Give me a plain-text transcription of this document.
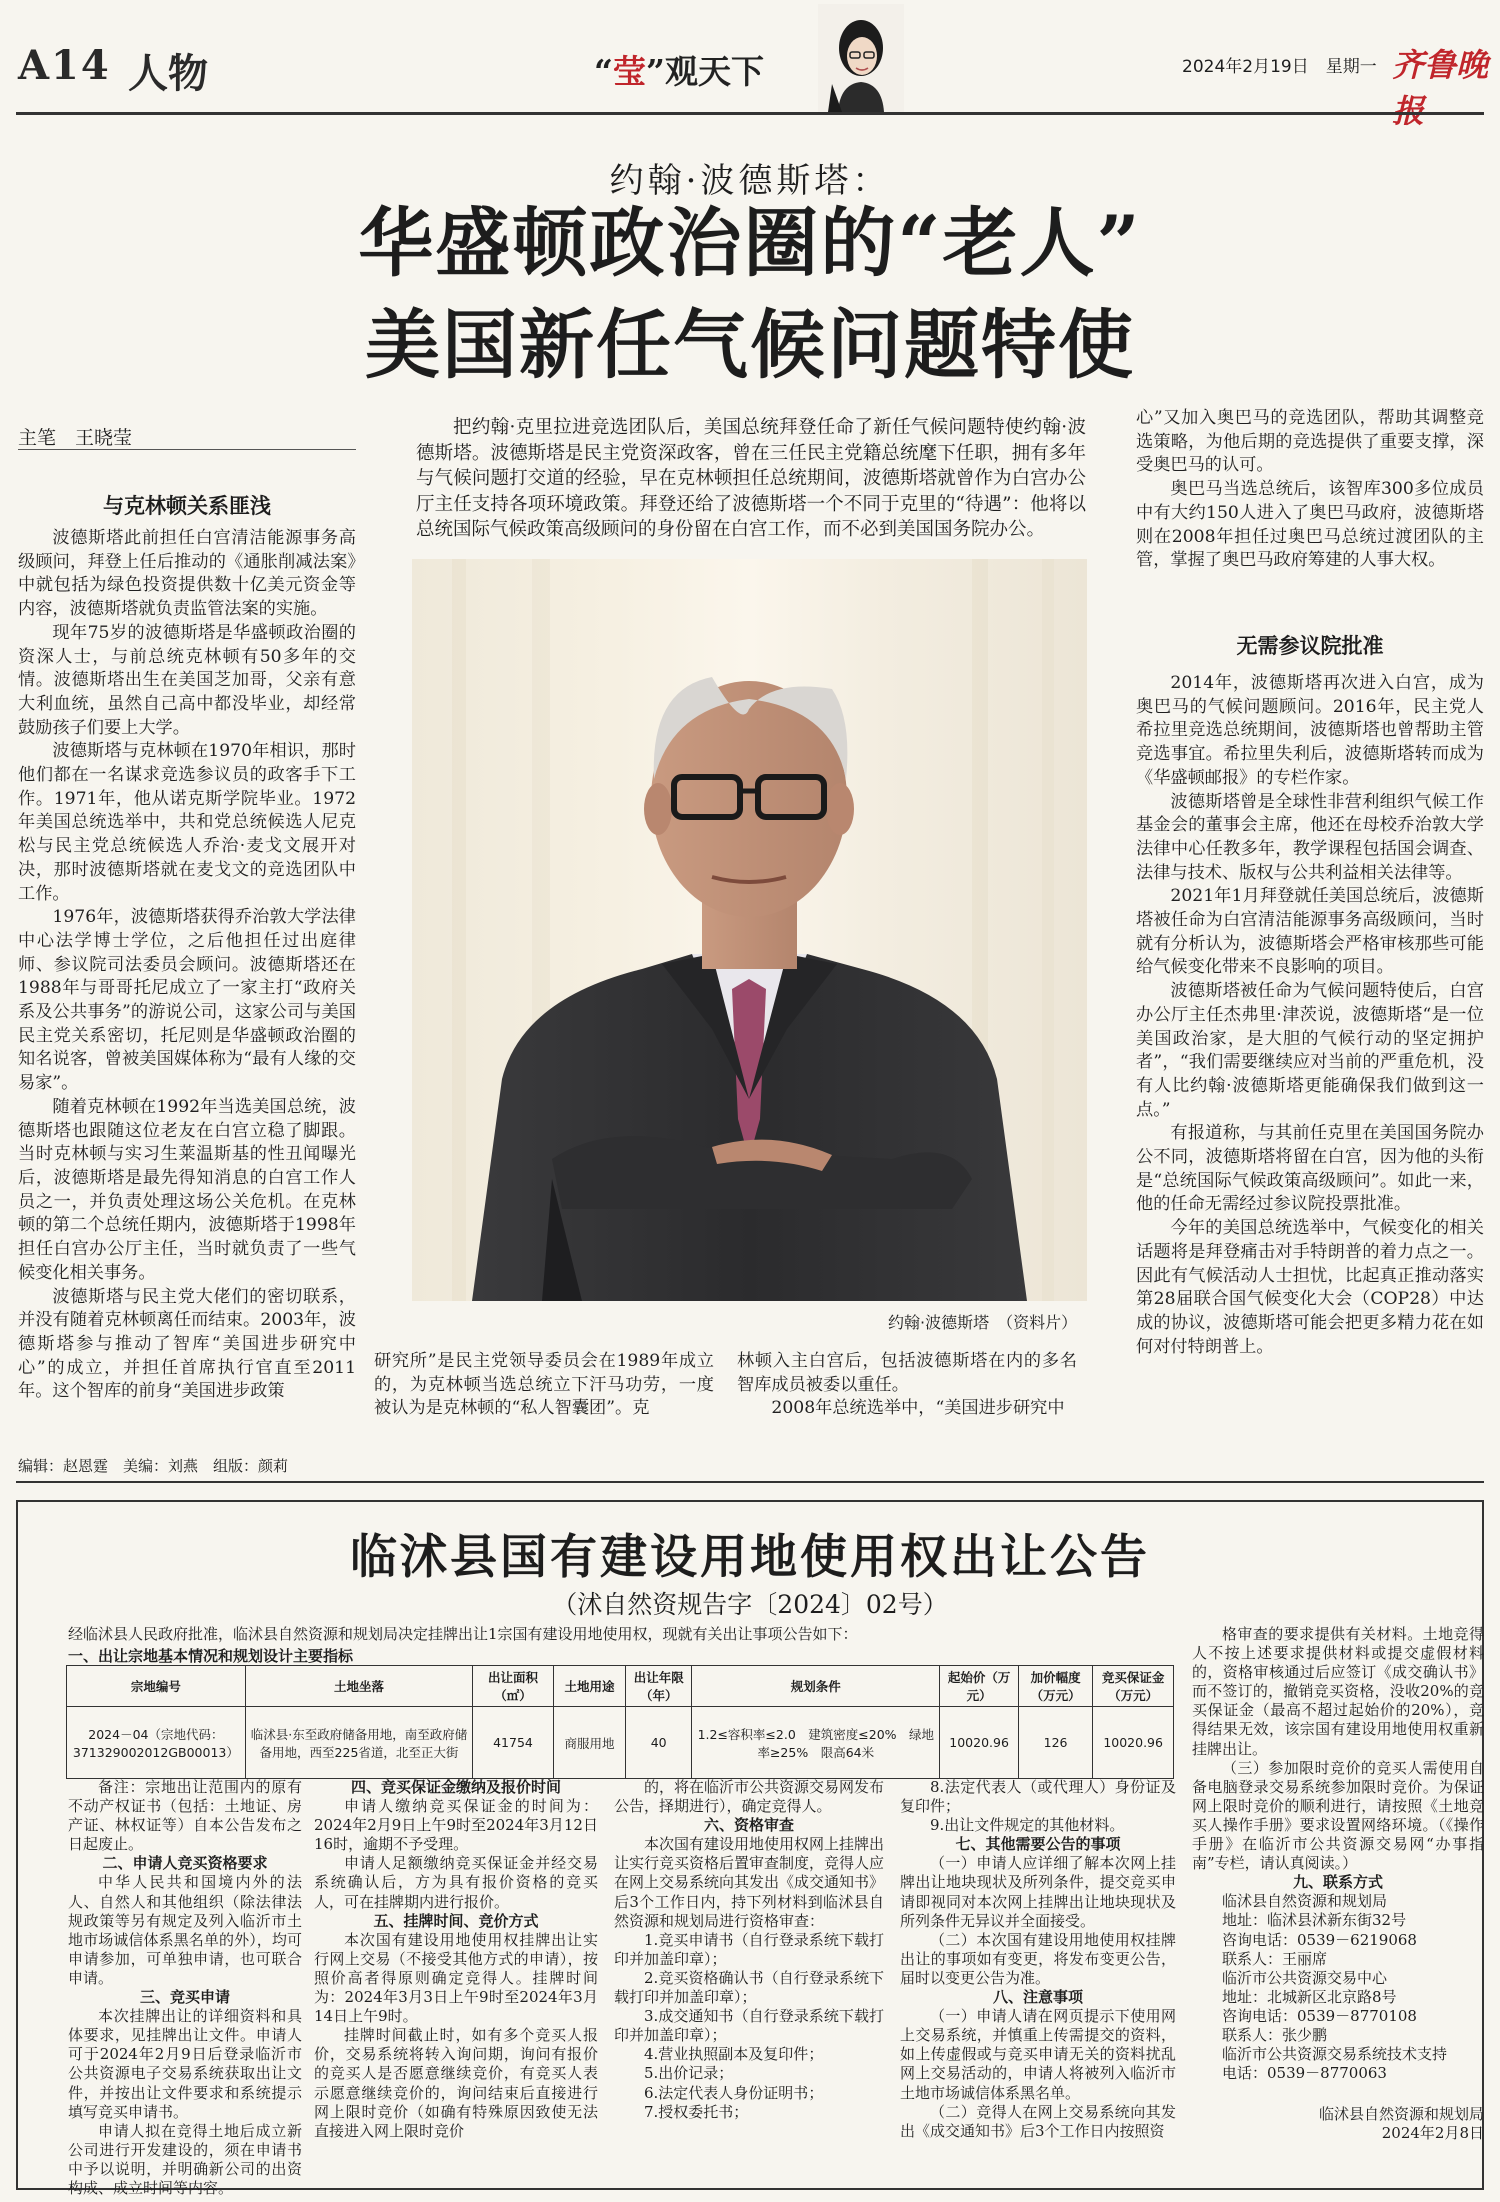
A14 人物	“莹”观天下	2024年2月19日　 星期一 齐鲁晚报
约翰·波德斯塔：
华盛顿政治圈的“老人”
美国新任气候问题特使
主笔　王晓莹	把约翰·克里拉进竞选团队后，美国总统拜登任命了新任气候问题特使约翰·波德斯塔。波德斯塔是民主党资深政客，曾在三任民主党籍总统麾下任职，拥有多年与气候问题打交道的经验，早在克林顿担任总统期间，波德斯塔就曾作为白宫办公厅主任支持各项环境政策。拜登还给了波德斯塔一个不同于克里的“待遇”：他将以总统国际气候政策高级顾问的身份留在白宫工作，而不必到美国国务院办公。
与克林顿关系匪浅

波德斯塔此前担任白宫清洁能源事务高级顾问，拜登上任后推动的《通胀削减法案》中就包括为绿色投资提供数十亿美元资金等内容，波德斯塔就负责监管法案的实施。

现年75岁的波德斯塔是华盛顿政治圈的资深人士，与前总统克林顿有50多年的交情。波德斯塔出生在美国芝加哥，父亲有意大利血统，虽然自己高中都没毕业，却经常鼓励孩子们要上大学。

波德斯塔与克林顿在1970年相识，那时他们都在一名谋求竞选参议员的政客手下工作。1971年，他从诺克斯学院毕业。1972年美国总统选举中，共和党总统候选人尼克松与民主党总统候选人乔治·麦戈文展开对决，那时波德斯塔就在麦戈文的竞选团队中工作。

1976年，波德斯塔获得乔治敦大学法律中心法学博士学位，之后他担任过出庭律师、参议院司法委员会顾问。波德斯塔还在1988年与哥哥托尼成立了一家主打“政府关系及公共事务”的游说公司，这家公司与美国民主党关系密切，托尼则是华盛顿政治圈的知名说客，曾被美国媒体称为“最有人缘的交易家”。

随着克林顿在1992年当选美国总统，波德斯塔也跟随这位老友在白宫立稳了脚跟。当时克林顿与实习生莱温斯基的性丑闻曝光后，波德斯塔是最先得知消息的白宫工作人员之一，并负责处理这场公关危机。在克林顿的第二个总统任期内，波德斯塔于1998年担任白宫办公厅主任，当时就负责了一些气候变化相关事务。

波德斯塔与民主党大佬们的密切联系，并没有随着克林顿离任而结束。2003年，波德斯塔参与推动了智库“美国进步研究中心”的成立，并担任首席执行官直至2011年。这个智库的前身“美国进步政策

约翰·波德斯塔　（资料片）

研究所”是民主党领导委员会在1989年成立的，为克林顿当选总统立下汗马功劳，一度被认为是克林顿的“私人智囊团”。克

林顿入主白宫后，包括波德斯塔在内的多名智库成员被委以重任。

2008年总统选举中，“美国进步研究中

心”又加入奥巴马的竞选团队，帮助其调整竞选策略，为他后期的竞选提供了重要支撑，深受奥巴马的认可。

奥巴马当选总统后，该智库300多位成员中有大约150人进入了奥巴马政府，波德斯塔则在2008年担任过奥巴马总统过渡团队的主管，掌握了奥巴马政府筹建的人事大权。

无需参议院批准

2014年，波德斯塔再次进入白宫，成为奥巴马的气候问题顾问。2016年，民主党人希拉里竞选总统期间，波德斯塔也曾帮助主管竞选事宜。希拉里失利后，波德斯塔转而成为《华盛顿邮报》的专栏作家。

波德斯塔曾是全球性非营利组织气候工作基金会的董事会主席，他还在母校乔治敦大学法律中心任教多年，教学课程包括国会调查、法律与技术、版权与公共利益相关法律等。

2021年1月拜登就任美国总统后，波德斯塔被任命为白宫清洁能源事务高级顾问，当时就有分析认为，波德斯塔会严格审核那些可能给气候变化带来不良影响的项目。

波德斯塔被任命为气候问题特使后，白宫办公厅主任杰弗里·津茨说，波德斯塔“是一位美国政治家，是大胆的气候行动的坚定拥护者”，“我们需要继续应对当前的严重危机，没有人比约翰·波德斯塔更能确保我们做到这一点。”

有报道称，与其前任克里在美国国务院办公不同，波德斯塔将留在白宫，因为他的头衔是“总统国际气候政策高级顾问”。如此一来，他的任命无需经过参议院投票批准。

今年的美国总统选举中，气候变化的相关话题将是拜登痛击对手特朗普的着力点之一。因此有气候活动人士担忧，比起真正推动落实第28届联合国气候变化大会（COP28）中达成的协议，波德斯塔可能会把更多精力花在如何对付特朗普上。

编辑：赵恩霆　美编：刘燕　组版：颜莉
临沭县国有建设用地使用权出让公告
（沭自然资规告字〔2024〕02号）
经临沭县人民政府批准，临沭县自然资源和规划局决定挂牌出让1宗国有建设用地使用权，现就有关出让事项公告如下：
一、出让宗地基本情况和规划设计主要指标
宗地编号	土地坐落	出让面积（㎡）	土地用途	出让年限（年）	规划条件	起始价（万元）	加价幅度（万元）	竞买保证金（万元）
2024－04（宗地代码：371329002012GB00013）	临沭县·东至政府储备用地，南至政府储备用地，西至225省道，北至正大街	41754	商服用地	40	1.2≤容积率≤2.0　建筑密度≤20%　绿地率≥25%　限高64米	10020.96	126	10020.96

备注：宗地出让范围内的原有不动产权证书（包括：土地证、房产证、林权证等）自本公告发布之日起废止。

二、申请人竞买资格要求

中华人民共和国境内外的法人、自然人和其他组织（除法律法规政策等另有规定及列入临沂市土地市场诚信体系黑名单的外），均可申请参加，可单独申请，也可联合申请。

三、竞买申请

本次挂牌出让的详细资料和具体要求，见挂牌出让文件。申请人可于2024年2月9日后登录临沂市公共资源电子交易系统获取出让文件，并按出让文件要求和系统提示填写竞买申请书。

申请人拟在竞得土地后成立新公司进行开发建设的，须在申请书中予以说明，并明确新公司的出资构成、成立时间等内容。

四、竞买保证金缴纳及报价时间

申请人缴纳竞买保证金的时间为：2024年2月9日上午9时至2024年3月12日16时，逾期不予受理。

申请人足额缴纳竞买保证金并经交易系统确认后，方为具有报价资格的竞买人，可在挂牌期内进行报价。

五、挂牌时间、竞价方式

本次国有建设用地使用权挂牌出让实行网上交易（不接受其他方式的申请），按照价高者得原则确定竞得人。挂牌时间为：2024年3月3日上午9时至2024年3月14日上午9时。

挂牌时间截止时，如有多个竞买人报价，交易系统将转入询问期，询问有报价的竞买人是否愿意继续竞价，有竞买人表示愿意继续竞价的，询问结束后直接进行网上限时竞价（如确有特殊原因致使无法直接进入网上限时竞价

的，将在临沂市公共资源交易网发布公告，择期进行），确定竞得人。

六、资格审查

本次国有建设用地使用权网上挂牌出让实行竞买资格后置审查制度，竞得人应在网上交易系统向其发出《成交通知书》后3个工作日内，持下列材料到临沭县自然资源和规划局进行资格审查：

1.竞买申请书（自行登录系统下载打印并加盖印章）；

2.竞买资格确认书（自行登录系统下载打印并加盖印章）；

3.成交通知书（自行登录系统下载打印并加盖印章）；

4.营业执照副本及复印件；

5.出价记录；

6.法定代表人身份证明书；

7.授权委托书；

8.法定代表人（或代理人）身份证及复印件；

9.出让文件规定的其他材料。

七、其他需要公告的事项

（一）申请人应详细了解本次网上挂牌出让地块现状及所列条件，提交竞买申请即视同对本次网上挂牌出让地块现状及所列条件无异议并全面接受。

（二）本次国有建设用地使用权挂牌出让的事项如有变更，将发布变更公告，届时以变更公告为准。

八、注意事项

（一）申请人请在网页提示下使用网上交易系统，并慎重上传需提交的资料，如上传虚假或与竞买申请无关的资料扰乱网上交易活动的，申请人将被列入临沂市土地市场诚信体系黑名单。

（二）竞得人在网上交易系统向其发出《成交通知书》后3个工作日内按照资

格审查的要求提供有关材料。土地竞得人不按上述要求提供材料或提交虚假材料的，资格审核通过后应签订《成交确认书》而不签订的，撤销竞买资格，没收20%的竞买保证金（最高不超过起始价的20%），竞得结果无效，该宗国有建设用地使用权重新挂牌出让。

（三）参加限时竞价的竞买人需使用自备电脑登录交易系统参加限时竞价。为保证网上限时竞价的顺利进行，请按照《土地竞买人操作手册》要求设置网络环境。（《操作手册》在临沂市公共资源交易网“办事指南”专栏，请认真阅读。）

九、联系方式

临沭县自然资源和规划局

地址：临沭县沭新东街32号

咨询电话：0539－6219068

联系人：王丽席

临沂市公共资源交易中心

地址：北城新区北京路8号

咨询电话：0539－8770108

联系人：张少鹏

临沂市公共资源交易系统技术支持

电话：0539－8770063

临沭县自然资源和规划局

2024年2月8日
